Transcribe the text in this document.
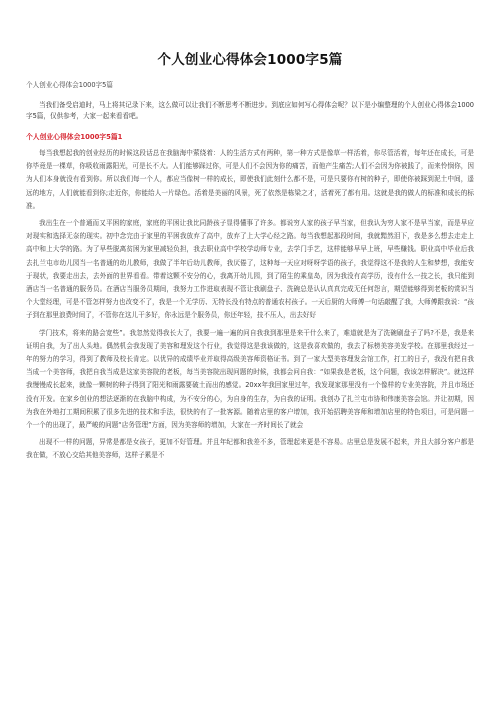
个人创业心得体会1000字5篇
个人创业心得体会1000字5篇

当我们备受启迪时，马上将其记录下来，这么做可以让我们不断思考不断进步。到底应如何写心得体会呢？以下是小编整理的个人创业心得体会1000字5篇，仅供参考，大家一起来看看吧。

个人创业心得体会1000字5篇1

每当我想起我的创业经历的时候这段话总在我脑海中萦绕着：人的生活方式有两种，第一种方式是像草一样活着，你尽管活着，每年还在成长，可是你毕竟是一棵草，你吸收雨露阳光，可是长不大。人们能够踩过你，可是人们不会因为你的痛苦，而他产生痛苦;人们不会因为你被践了，而来怜悯你，因为人们本身就没有看到你。所以我们每一个人，都应当像树一样的成长，即使我们此刻什么都不是，可是只要你有树的种子，即使你被踩到泥土中间，遥远的地方，人们就能看到你;走近你，你能给人一片绿色。活着是美丽的风景，死了依然是栋梁之才，活着死了都有用。这就是我的做人的标准和成长的标准。

我出生在一个普通而又平困的家庭，家庭的平困让我比同龄孩子显得懂事了许多。都说穷人家的孩子早当家，但我认为穷人家不是早当家，而是早应对现实和选择无奈的现实。初中念完由于家里的平困我放弃了高中，放弃了上大学心经之路。每当我想起那段时间，我就黯然泪下，我是多么想去走走上高中和上大学的路。为了早些脱离贫困为家里减轻负担，我去职业高中学校学动师专业，去学门手艺，这样能够早早上班，早些赚钱。职业高中毕业后我去扎兰屯市幼儿园当一名普通的幼儿教师，我做了半年后幼儿教师，我厌倦了，这种每一天应对呀呀学语的孩子，我觉得这不是我的人生和梦想，我能安于现状，我要走出去，去外面的世界看看。带着这颗不安分的心，我离开幼儿园，到了陌生的乘皇岛，因为我没有高学历，没有什么一技之长，我只能到酒店当一名普通的服务员。在酒店当服务员期间，我努力工作进取表现不管让我刷盘子、洗碗总是认认真真完成无任何怨言，期望能够得到老板的赏识当个大堂经理，可是不管怎样努力也改变不了，我是一个无学历、无特长没有特点的普通农村孩子。一天后厨的大师傅一句话敲醒了我，大师傅跟我说：“孩子到在那里浪费时间了，不管你在这儿干多好，你永远是个服务员，你还年轻，技不压人，出去好好

学门技术，将来的路会宽些”。我忽然觉得我长大了，我要一遍一遍的问自我我到那里是来干什么来了，难道就是为了洗碗刷盘子了吗?不是，我是来证明自我，为了出人头地。偶然机会我发现了美容和理发这个行业，我觉得这是我该做的，这是我喜欢做的，我去了标榜美容美发学校。在那里我经过一年的努力的学习，得到了教师及校长肯定。以优异的成绩毕业并取得高级美容师资格证书。到了一家大型美容理发会馆工作，打工的日子，我没有把自我当成一个美容师，我把自我当成是这家美容院的老板，每当美容院出现问题的时候，我都会问自我：“如果我是老板，这个问题，我该怎样解决”。就这样我慢慢成长起来，就像一颗树的种子得到了阳光和雨露要破土而出的感觉。20xx年我回家里过年，我发现家那里没有一个像样的专业美容院，并且市场还没有开发。在家乡创业的想法逐渐的在我脑中构成，为不安分的心，为自身的生存，为自我的证明。我创办了扎兰屯市协和伟康美容会馆。并让初期，因为我在外地打工期间积累了很多先进的技术和手法，很快的有了一批客源。随着店里的客户增加，我开始招聘美容师和增加店里的特色项目，可是问题一个一个的出现了，最严峻的问题“店务管理”方面，因为美容师的增加，大家在一齐时间长了就会

出现不一样的问题，异常是都是女孩子，更加不好管理。并且年纪都和我差不多，管理起来更是不容易。店里总是发展不起来，并且大部分客户都是我在做，不放心交给其他美容师，这样子累是不
